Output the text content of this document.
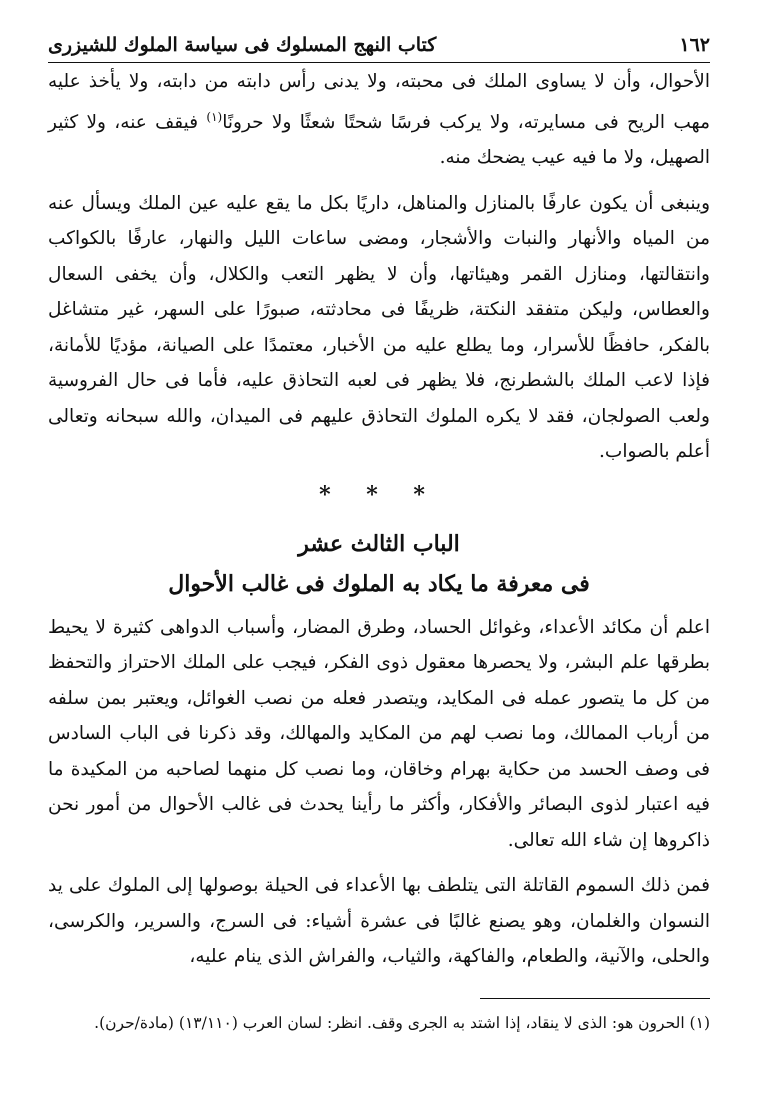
١٦٢
كتاب النهج المسلوك فى سياسة الملوك للشيزرى

الأحوال، وأن لا يساوى الملك فى محبته، ولا يدنى رأس دابته من دابته، ولا يأخذ عليه مهب الريح فى مسايرته، ولا يركب فرسًا شحتًا شعثًا ولا حرونًا$^{(١)}$ فيقف عنه، ولا كثير الصهيل، ولا ما فيه عيب يضحك منه.

وينبغى أن يكون عارفًا بالمنازل والمناهل، داريًا بكل ما يقع عليه عين الملك ويسأل عنه من المياه والأنهار والنبات والأشجار، ومضى ساعات الليل والنهار، عارفًا بالكواكب وانتقالتها، ومنازل القمر وهيئاتها، وأن لا يظهر التعب والكلال، وأن يخفى السعال والعطاس، وليكن متفقد النكتة، ظريفًا فى محادثته، صبورًا على السهر، غير متشاغل بالفكر، حافظًا للأسرار، وما يطلع عليه من الأخبار، معتمدًا على الصيانة، مؤديًا للأمانة، فإذا لاعب الملك بالشطرنج، فلا يظهر فى لعبه التحاذق عليه، فأما فى حال الفروسية ولعب الصولجان، فقد لا يكره الملوك التحاذق عليهم فى الميدان، والله سبحانه وتعالى أعلم بالصواب.

* * *
الباب الثالث عشر
فى معرفة ما يكاد به الملوك فى غالب الأحوال

اعلم أن مكائد الأعداء، وغوائل الحساد، وطرق المضار، وأسباب الدواهى كثيرة لا يحيط بطرقها علم البشر، ولا يحصرها معقول ذوى الفكر، فيجب على الملك الاحتراز والتحفظ من كل ما يتصور عمله فى المكايد، ويتصدر فعله من نصب الغوائل، ويعتبر بمن سلفه من أرباب الممالك، وما نصب لهم من المكايد والمهالك، وقد ذكرنا فى الباب السادس فى وصف الحسد من حكاية بهرام وخاقان، وما نصب كل منهما لصاحبه من المكيدة ما فيه اعتبار لذوى البصائر والأفكار، وأكثر ما رأينا يحدث فى غالب الأحوال من أمور نحن ذاكروها إن شاء الله تعالى.

فمن ذلك السموم القاتلة التى يتلطف بها الأعداء فى الحيلة بوصولها إلى الملوك على يد النسوان والغلمان، وهو يصنع غالبًا فى عشرة أشياء: فى السرج، والسرير، والكرسى، والحلى، والآنية، والطعام، والفاكهة، والثياب، والفراش الذى ينام عليه،

(١) الحرون هو: الذى لا ينقاد، إذا اشتد به الجرى وقف. انظر: لسان العرب (١٣/١١٠) (مادة/حرن).
